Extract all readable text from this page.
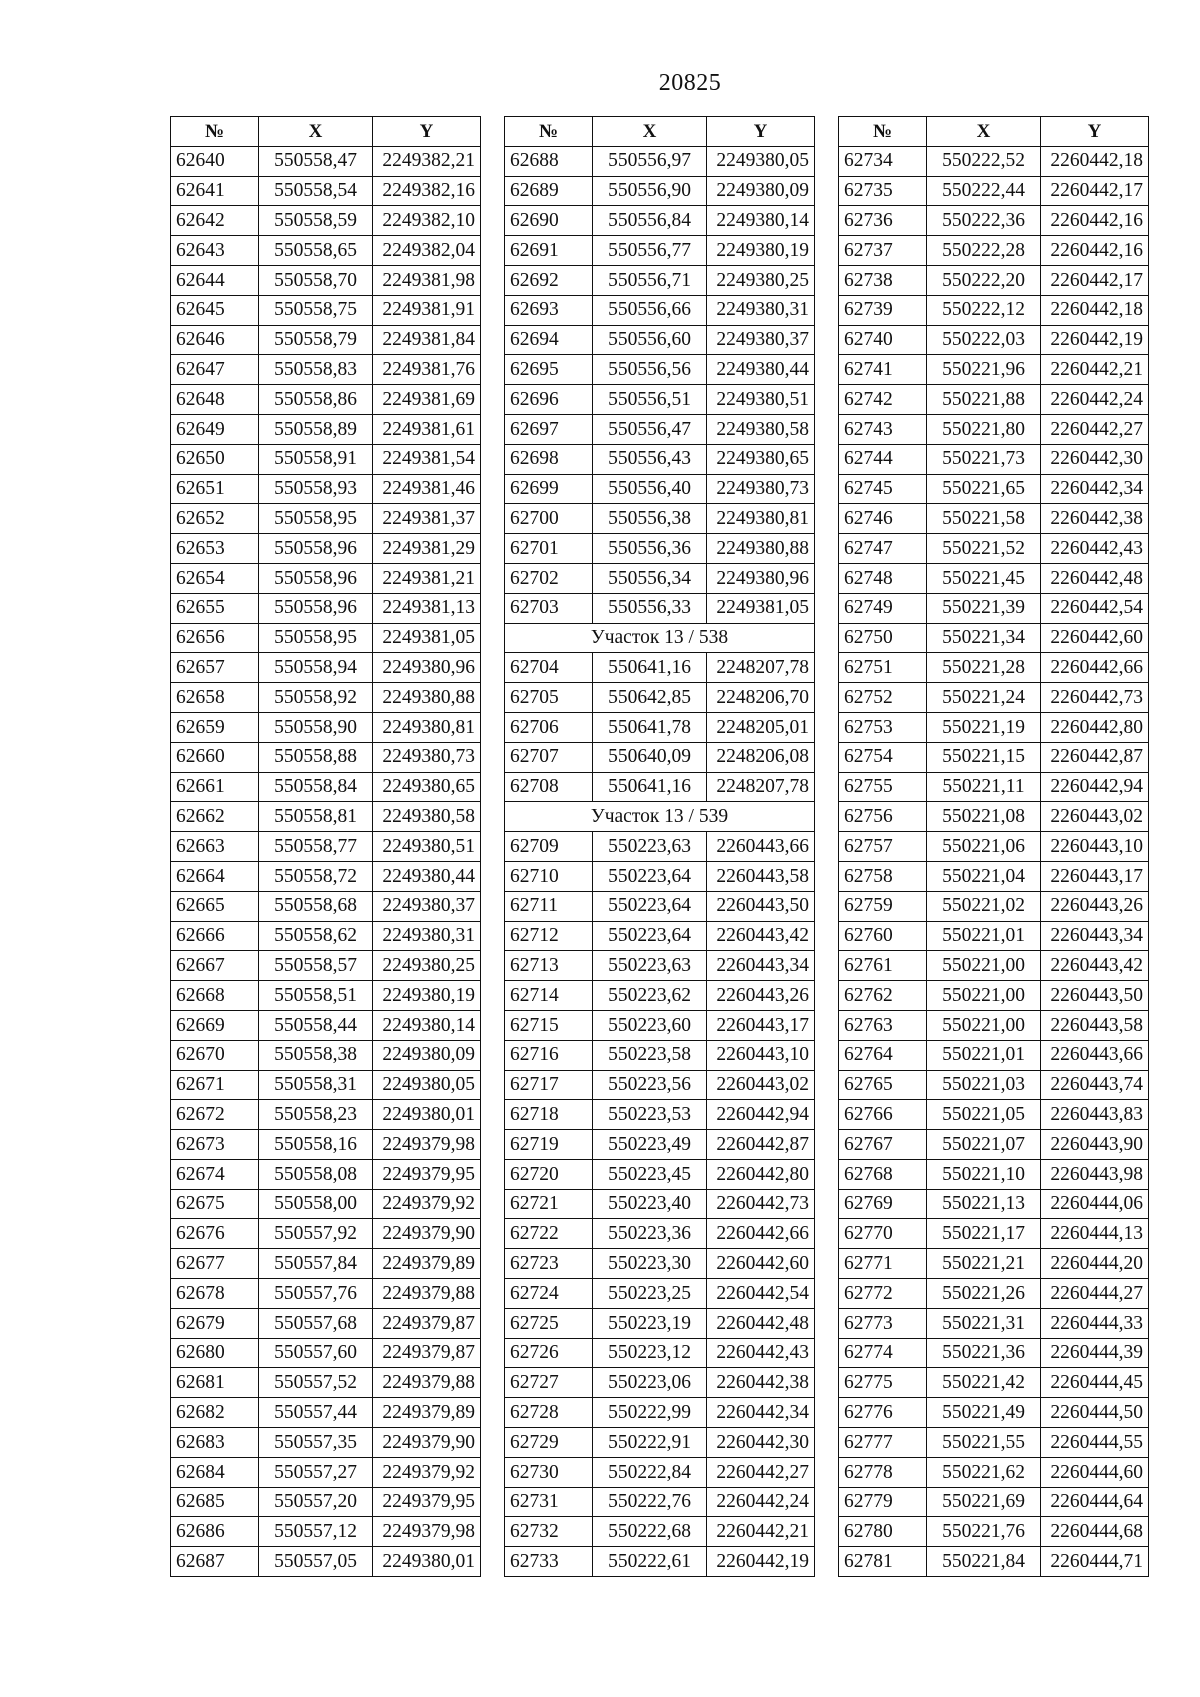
20825
№	X	Y
62640	550558,47	2249382,21
62641	550558,54	2249382,16
62642	550558,59	2249382,10
62643	550558,65	2249382,04
62644	550558,70	2249381,98
62645	550558,75	2249381,91
62646	550558,79	2249381,84
62647	550558,83	2249381,76
62648	550558,86	2249381,69
62649	550558,89	2249381,61
62650	550558,91	2249381,54
62651	550558,93	2249381,46
62652	550558,95	2249381,37
62653	550558,96	2249381,29
62654	550558,96	2249381,21
62655	550558,96	2249381,13
62656	550558,95	2249381,05
62657	550558,94	2249380,96
62658	550558,92	2249380,88
62659	550558,90	2249380,81
62660	550558,88	2249380,73
62661	550558,84	2249380,65
62662	550558,81	2249380,58
62663	550558,77	2249380,51
62664	550558,72	2249380,44
62665	550558,68	2249380,37
62666	550558,62	2249380,31
62667	550558,57	2249380,25
62668	550558,51	2249380,19
62669	550558,44	2249380,14
62670	550558,38	2249380,09
62671	550558,31	2249380,05
62672	550558,23	2249380,01
62673	550558,16	2249379,98
62674	550558,08	2249379,95
62675	550558,00	2249379,92
62676	550557,92	2249379,90
62677	550557,84	2249379,89
62678	550557,76	2249379,88
62679	550557,68	2249379,87
62680	550557,60	2249379,87
62681	550557,52	2249379,88
62682	550557,44	2249379,89
62683	550557,35	2249379,90
62684	550557,27	2249379,92
62685	550557,20	2249379,95
62686	550557,12	2249379,98
62687	550557,05	2249380,01
№	X	Y
62688	550556,97	2249380,05
62689	550556,90	2249380,09
62690	550556,84	2249380,14
62691	550556,77	2249380,19
62692	550556,71	2249380,25
62693	550556,66	2249380,31
62694	550556,60	2249380,37
62695	550556,56	2249380,44
62696	550556,51	2249380,51
62697	550556,47	2249380,58
62698	550556,43	2249380,65
62699	550556,40	2249380,73
62700	550556,38	2249380,81
62701	550556,36	2249380,88
62702	550556,34	2249380,96
62703	550556,33	2249381,05
Участок 13 / 538		
62704	550641,16	2248207,78
62705	550642,85	2248206,70
62706	550641,78	2248205,01
62707	550640,09	2248206,08
62708	550641,16	2248207,78
Участок 13 / 539		
62709	550223,63	2260443,66
62710	550223,64	2260443,58
62711	550223,64	2260443,50
62712	550223,64	2260443,42
62713	550223,63	2260443,34
62714	550223,62	2260443,26
62715	550223,60	2260443,17
62716	550223,58	2260443,10
62717	550223,56	2260443,02
62718	550223,53	2260442,94
62719	550223,49	2260442,87
62720	550223,45	2260442,80
62721	550223,40	2260442,73
62722	550223,36	2260442,66
62723	550223,30	2260442,60
62724	550223,25	2260442,54
62725	550223,19	2260442,48
62726	550223,12	2260442,43
62727	550223,06	2260442,38
62728	550222,99	2260442,34
62729	550222,91	2260442,30
62730	550222,84	2260442,27
62731	550222,76	2260442,24
62732	550222,68	2260442,21
62733	550222,61	2260442,19
№	X	Y
62734	550222,52	2260442,18
62735	550222,44	2260442,17
62736	550222,36	2260442,16
62737	550222,28	2260442,16
62738	550222,20	2260442,17
62739	550222,12	2260442,18
62740	550222,03	2260442,19
62741	550221,96	2260442,21
62742	550221,88	2260442,24
62743	550221,80	2260442,27
62744	550221,73	2260442,30
62745	550221,65	2260442,34
62746	550221,58	2260442,38
62747	550221,52	2260442,43
62748	550221,45	2260442,48
62749	550221,39	2260442,54
62750	550221,34	2260442,60
62751	550221,28	2260442,66
62752	550221,24	2260442,73
62753	550221,19	2260442,80
62754	550221,15	2260442,87
62755	550221,11	2260442,94
62756	550221,08	2260443,02
62757	550221,06	2260443,10
62758	550221,04	2260443,17
62759	550221,02	2260443,26
62760	550221,01	2260443,34
62761	550221,00	2260443,42
62762	550221,00	2260443,50
62763	550221,00	2260443,58
62764	550221,01	2260443,66
62765	550221,03	2260443,74
62766	550221,05	2260443,83
62767	550221,07	2260443,90
62768	550221,10	2260443,98
62769	550221,13	2260444,06
62770	550221,17	2260444,13
62771	550221,21	2260444,20
62772	550221,26	2260444,27
62773	550221,31	2260444,33
62774	550221,36	2260444,39
62775	550221,42	2260444,45
62776	550221,49	2260444,50
62777	550221,55	2260444,55
62778	550221,62	2260444,60
62779	550221,69	2260444,64
62780	550221,76	2260444,68
62781	550221,84	2260444,71
